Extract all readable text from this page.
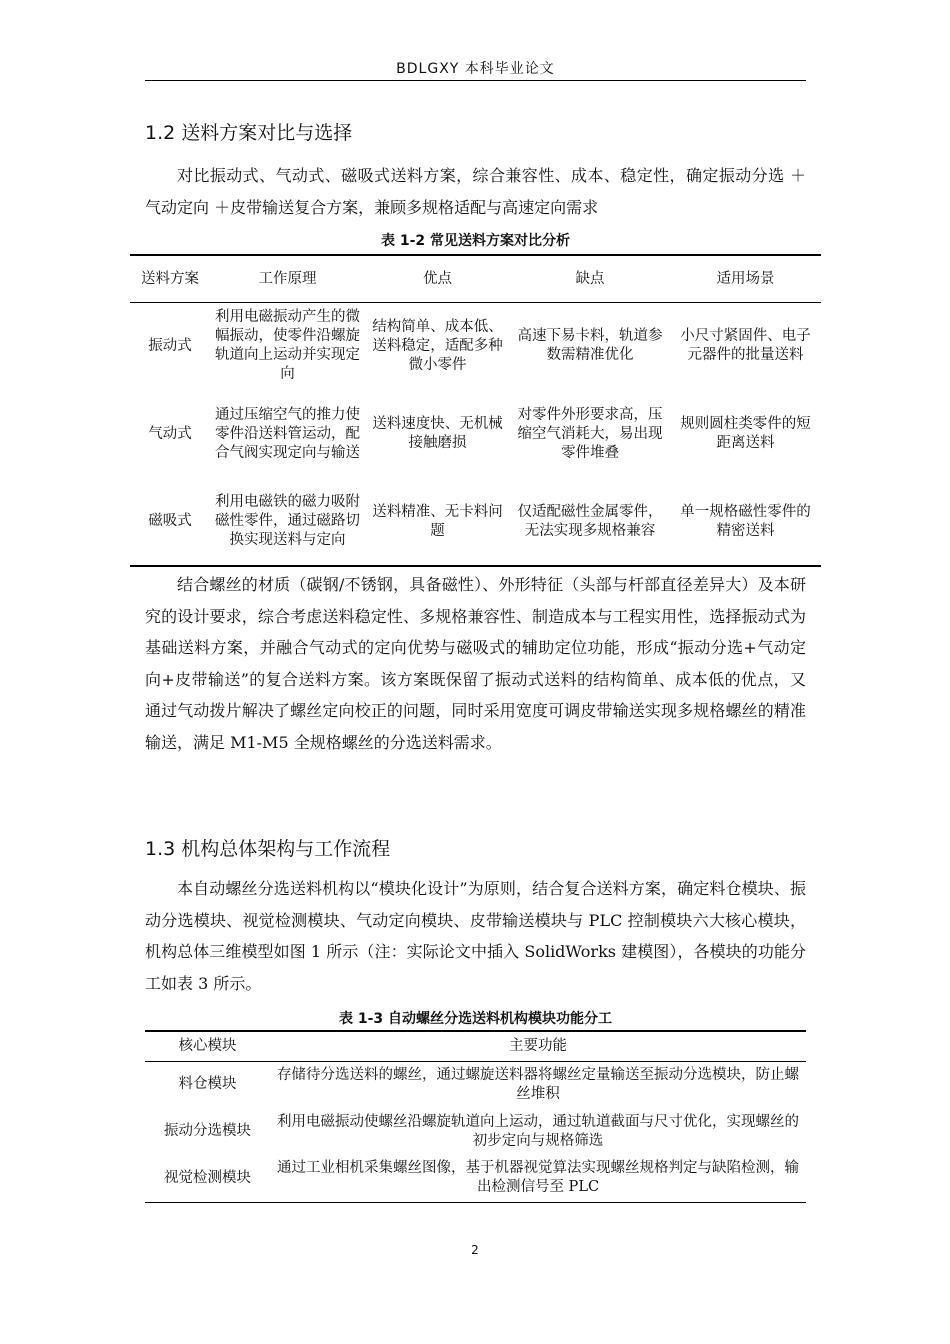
BDLGXY 本科毕业论文
1.2 送料方案对比与选择

对比振动式、气动式、磁吸式送料方案，综合兼容性、成本、稳定性，确定振动分选 ＋气动定向 ＋皮带输送复合方案，兼顾多规格适配与高速定向需求

表 1-2 常见送料方案对比分析
送料方案	工作原理	优点	缺点	适用场景
振动式	利用电磁振动产生的微幅振动，使零件沿螺旋轨道向上运动并实现定向	结构简单、成本低、送料稳定，适配多种微小零件	高速下易卡料，轨道参数需精准优化	小尺寸紧固件、电子元器件的批量送料
气动式	通过压缩空气的推力使零件沿送料管运动，配合气阀实现定向与输送	送料速度快、无机械接触磨损	对零件外形要求高，压缩空气消耗大，易出现零件堆叠	规则圆柱类零件的短距离送料
磁吸式	利用电磁铁的磁力吸附磁性零件，通过磁路切换实现送料与定向	送料精准、无卡料问题	仅适配磁性金属零件，无法实现多规格兼容	单一规格磁性零件的精密送料

结合螺丝的材质（碳钢/不锈钢，具备磁性）、外形特征（头部与杆部直径差异大）及本研究的设计要求，综合考虑送料稳定性、多规格兼容性、制造成本与工程实用性，选择振动式为基础送料方案，并融合气动式的定向优势与磁吸式的辅助定位功能，形成“振动分选+气动定向+皮带输送”的复合送料方案。该方案既保留了振动式送料的结构简单、成本低的优点，又通过气动拨片解决了螺丝定向校正的问题，同时采用宽度可调皮带输送实现多规格螺丝的精准输送，满足 M1-M5 全规格螺丝的分选送料需求。

1.3 机构总体架构与工作流程

本自动螺丝分选送料机构以“模块化设计”为原则，结合复合送料方案，确定料仓模块、振动分选模块、视觉检测模块、气动定向模块、皮带输送模块与 PLC 控制模块六大核心模块，机构总体三维模型如图 1 所示（注：实际论文中插入 SolidWorks 建模图），各模块的功能分工如表 3 所示。

表 1-3 自动螺丝分选送料机构模块功能分工
核心模块	主要功能
料仓模块	存储待分选送料的螺丝，通过螺旋送料器将螺丝定量输送至振动分选模块，防止螺丝堆积
振动分选模块	利用电磁振动使螺丝沿螺旋轨道向上运动，通过轨道截面与尺寸优化，实现螺丝的初步定向与规格筛选
视觉检测模块	通过工业相机采集螺丝图像，基于机器视觉算法实现螺丝规格判定与缺陷检测，输出检测信号至 PLC
2
